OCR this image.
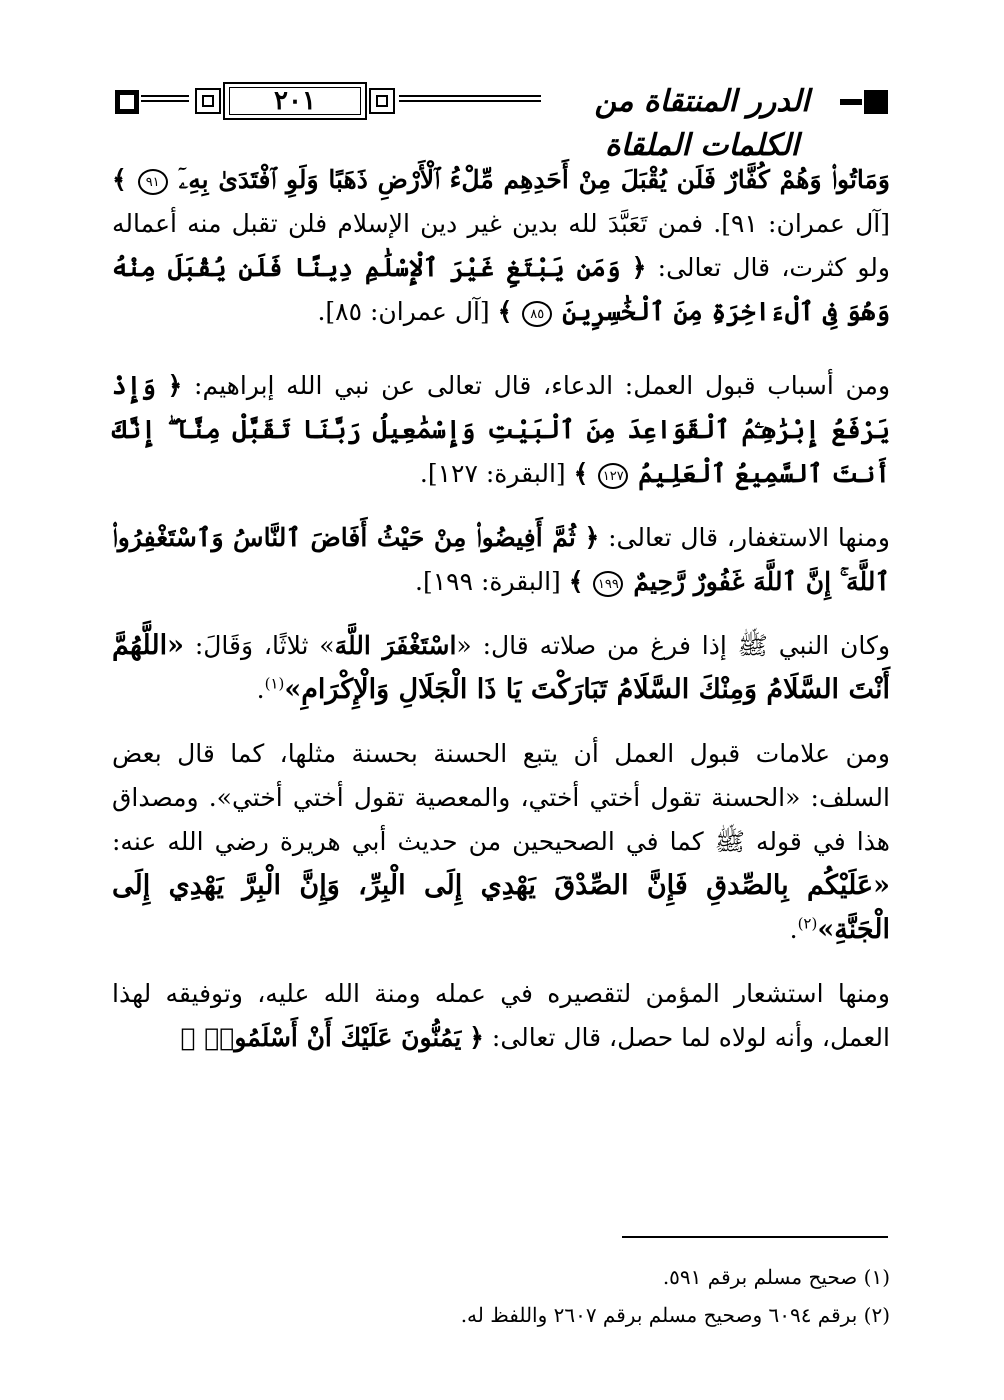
الدرر المنتقاة من الكلمات الملقاة
٢٠١

وَمَاتُوا۟ وَهُمْ كُفَّارٌ فَلَن يُقْبَلَ مِنْ أَحَدِهِم مِّلْءُ ٱلْأَرْضِ ذَهَبًا وَلَوِ ٱفْتَدَىٰ بِهِۦٓ ٩١ ﴾ [آل عمران: ٩١]. فمن تَعَبَّدَ لله بدين غير دين الإسلام فلن تقبل منه أعماله ولو كثرت، قال تعالى: ﴿ وَمَن يَبْتَغِ غَيْرَ ٱلْإِسْلَٰمِ دِينًا فَلَن يُقْبَلَ مِنْهُ وَهُوَ فِى ٱلْءَاخِرَةِ مِنَ ٱلْخَٰسِرِينَ ٨٥ ﴾ [آل عمران: ٨٥].

ومن أسباب قبول العمل: الدعاء، قال تعالى عن نبي الله إبراهيم: ﴿ وَإِذْ يَرْفَعُ إِبْرَٰهِـۧمُ ٱلْقَوَاعِدَ مِنَ ٱلْبَيْتِ وَإِسْمَٰعِيلُ رَبَّنَا تَقَبَّلْ مِنَّآ ۖ إِنَّكَ أَنتَ ٱلسَّمِيعُ ٱلْعَلِيمُ ١٢٧ ﴾ [البقرة: ١٢٧].

ومنها الاستغفار، قال تعالى: ﴿ ثُمَّ أَفِيضُوا۟ مِنْ حَيْثُ أَفَاضَ ٱلنَّاسُ وَٱسْتَغْفِرُوا۟ ٱللَّهَ ۚ إِنَّ ٱللَّهَ غَفُورٌ رَّحِيمٌ ١٩٩ ﴾ [البقرة: ١٩٩].

وكان النبي ﷺ إذا فرغ من صلاته قال: «اسْتَغْفَرَ اللَّهَ» ثلاثًا، وَقَالَ: «اللَّهُمَّ أَنْتَ السَّلَامُ وَمِنْكَ السَّلَامُ تَبَارَكْتَ يَا ذَا الْجَلَالِ وَالْإِكْرَامِ»$^{(١)}$.

ومن علامات قبول العمل أن يتبع الحسنة بحسنة مثلها، كما قال بعض السلف: «الحسنة تقول أختي أختي، والمعصية تقول أختي أختي». ومصداق هذا في قوله ﷺ كما في الصحيحين من حديث أبي هريرة رضي الله عنه: «عَلَيْكُم بِالصِّدقِ فَإِنَّ الصِّدْقَ يَهْدِي إِلَى الْبِرِّ، وَإِنَّ الْبِرَّ يَهْدِي إِلَى الْجَنَّةِ»$^{(٢)}$.

ومنها استشعار المؤمن لتقصيره في عمله ومنة الله عليه، وتوفيقه لهذا العمل، وأنه لولاه لما حصل، قال تعالى: ﴿ يَمُنُّونَ عَلَيْكَ أَنْ أَسْلَمُوا۟ ۖ

(١) صحيح مسلم برقم ٥٩١.

(٢) برقم ٦٠٩٤ وصحيح مسلم برقم ٢٦٠٧ واللفظ له.
